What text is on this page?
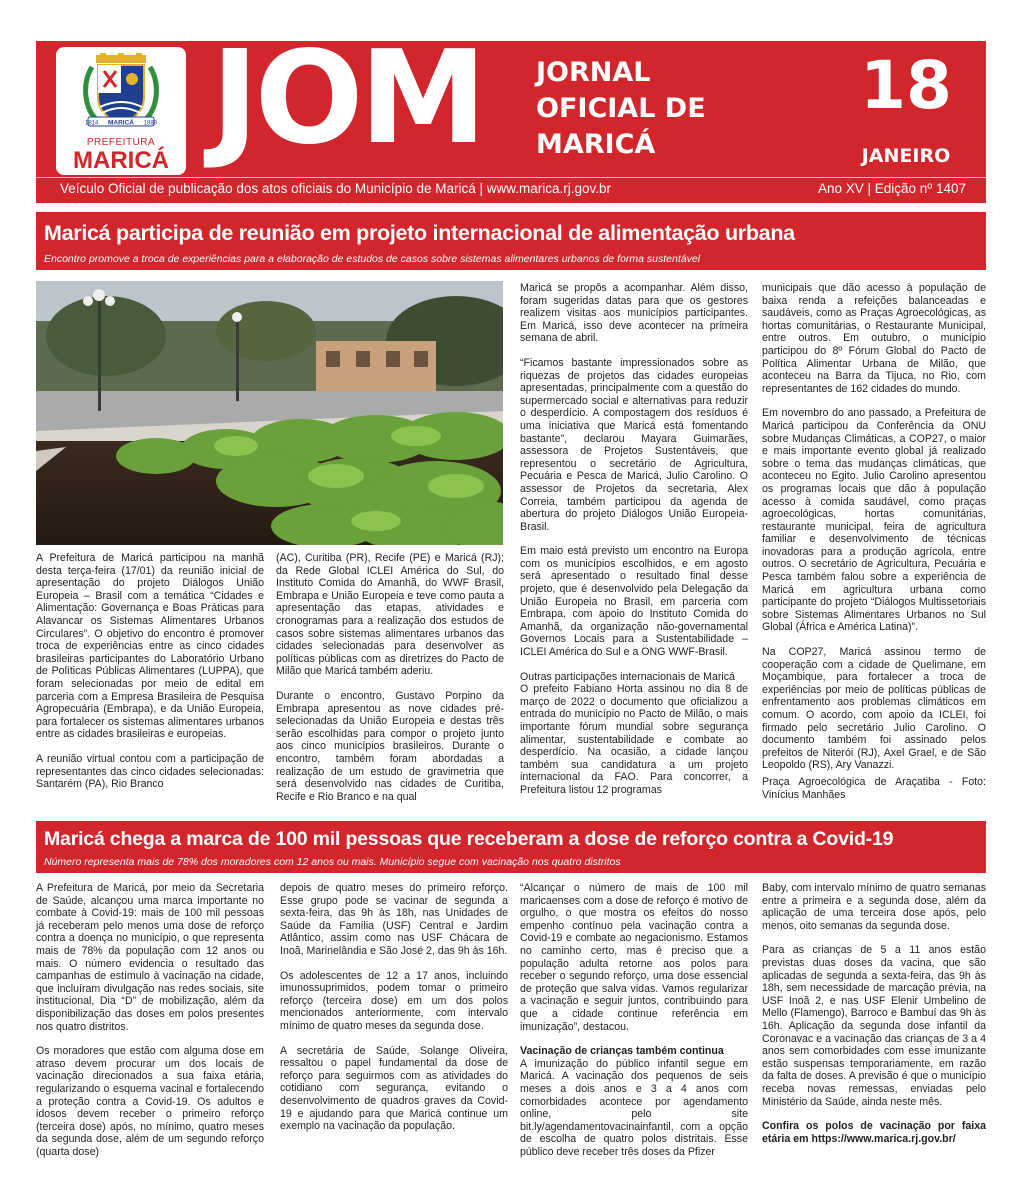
1814 MARICÁ 1889
PREFEITURA
MARICÁ JOM JORNAL
OFICIAL DE
MARICÁ
18
JANEIRO
Veículo Oficial de publicação dos atos oficiais do Município de Maricá | www.marica.rj.gov.br	Ano XV | Edição nº 1407
Maricá participa de reunião em projeto internacional de alimentação urbana
Encontro promove a troca de experiências para a elaboração de estudos de casos sobre sistemas alimentares urbanos de forma sustentável

A Prefeitura de Maricá participou na manhã desta terça-feira (17/01) da reunião inicial de apresentação do projeto Diálogos União Europeia – Brasil com a temática “Cidades e Alimentação: Governança e Boas Práticas para Alavancar os Sistemas Alimentares Urbanos Circulares”. O objetivo do encontro é promover troca de experiências entre as cinco cidades brasileiras participantes do Laboratório Urbano de Políticas Públicas Alimentares (LUPPA), que foram selecionadas por meio de edital em parceria com a Empresa Brasileira de Pesquisa Agropecuária (Embrapa), e da União Europeia, para fortalecer os sistemas alimentares urbanos entre as cidades brasileiras e europeias.

A reunião virtual contou com a participação de representantes das cinco cidades selecionadas: Santarém (PA), Rio Branco

(AC), Curitiba (PR), Recife (PE) e Maricá (RJ); da Rede Global ICLEI América do Sul, do Instituto Comida do Amanhã, do WWF Brasil, Embrapa e União Europeia e teve como pauta a apresentação das etapas, atividades e cronogramas para a realização dos estudos de casos sobre sistemas alimentares urbanos das cidades selecionadas para desenvolver as políticas públicas com as diretrizes do Pacto de Milão que Maricá também aderiu.

Durante o encontro, Gustavo Porpino da Embrapa apresentou as nove cidades pré-selecionadas da União Europeia e destas três serão escolhidas para compor o projeto junto aos cinco municípios brasileiros. Durante o encontro, também foram abordadas a realização de um estudo de gravimetria que será desenvolvido nas cidades de Curitiba, Recife e Rio Branco e na qual

Maricá se propôs a acompanhar. Além disso, foram sugeridas datas para que os gestores realizem visitas aos municípios participantes. Em Maricá, isso deve acontecer na primeira semana de abril.

“Ficamos bastante impressionados sobre as riquezas de projetos das cidades europeias apresentadas, principalmente com a questão do supermercado social e alternativas para reduzir o desperdício. A compostagem dos resíduos é uma iniciativa que Maricá está fomentando bastante”, declarou Mayara Guimarães, assessora de Projetos Sustentáveis, que representou o secretário de Agricultura, Pecuária e Pesca de Maricá, Julio Carolino. O assessor de Projetos da secretaria, Alex Correia, também participou da agenda de abertura do projeto Diálogos União Europeia- Brasil.

Em maio está previsto um encontro na Europa com os municípios escolhidos, e em agosto será apresentado o resultado final desse projeto, que é desenvolvido pela Delegação da União Europeia no Brasil, em parceria com Embrapa, com apoio do Instituto Comida do Amanhã, da organização não-governamental Governos Locais para a Sustentabilidade – ICLEI América do Sul e a ONG WWF-Brasil.

Outras participações internacionais de Maricá

O prefeito Fabiano Horta assinou no dia 8 de março de 2022 o documento que oficializou a entrada do município no Pacto de Milão, o mais importante fórum mundial sobre segurança alimentar, sustentabilidade e combate ao desperdício. Na ocasião, a cidade lançou também sua candidatura a um projeto internacional da FAO. Para concorrer, a Prefeitura listou 12 programas

municipais que dão acesso à população de baixa renda a refeições balanceadas e saudáveis, como as Praças Agroecológicas, as hortas comunitárias, o Restaurante Municipal, entre outros. Em outubro, o município participou do 8º Fórum Global do Pacto de Política Alimentar Urbana de Milão, que aconteceu na Barra da Tijuca, no Rio, com representantes de 162 cidades do mundo.

Em novembro do ano passado, a Prefeitura de Maricá participou da Conferência da ONU sobre Mudanças Climáticas, a COP27, o maior e mais importante evento global já realizado sobre o tema das mudanças climáticas, que aconteceu no Egito. Julio Carolino apresentou os programas locais que dão à população acesso à comida saudável, como praças agroecológicas, hortas comunitárias, restaurante municipal, feira de agricultura familiar e desenvolvimento de técnicas inovadoras para a produção agrícola, entre outros. O secretário de Agricultura, Pecuária e Pesca também falou sobre a experiência de Maricá em agricultura urbana como participante do projeto “Diálogos Multissetoriais sobre Sistemas Alimentares Urbanos no Sul Global (África e América Latina)”.

Na COP27, Maricá assinou termo de cooperação com a cidade de Quelimane, em Moçambique, para fortalecer a troca de experiências por meio de políticas públicas de enfrentamento aos problemas climáticos em comum. O acordo, com apoio da ICLEI, foi firmado pelo secretário Julio Carolino. O documento também foi assinado pelos prefeitos de Niterói (RJ), Axel Grael, e de São Leopoldo (RS), Ary Vanazzi.

Praça Agroecológica de Araçatiba - Foto: Vinícius Manhães

Maricá chega a marca de 100 mil pessoas que receberam a dose de reforço contra a Covid-19
Número representa mais de 78% dos moradores com 12 anos ou mais. Município segue com vacinação nos quatro distritos

A Prefeitura de Maricá, por meio da Secretaria de Saúde, alcançou uma marca importante no combate à Covid-19: mais de 100 mil pessoas já receberam pelo menos uma dose de reforço contra a doença no município, o que representa mais de 78% da população com 12 anos ou mais. O número evidencia o resultado das campanhas de estímulo à vacinação na cidade, que incluíram divulgação nas redes sociais, site institucional, Dia “D” de mobilização, além da disponibilização das doses em polos presentes nos quatro distritos.

Os moradores que estão com alguma dose em atraso devem procurar um dos locais de vacinação direcionados a sua faixa etária, regularizando o esquema vacinal e fortalecendo a proteção contra a Covid-19. Os adultos e idosos devem receber o primeiro reforço (terceira dose) após, no mínimo, quatro meses da segunda dose, além de um segundo reforço (quarta dose)

depois de quatro meses do primeiro reforço. Esse grupo pode se vacinar de segunda a sexta-feira, das 9h às 18h, nas Unidades de Saúde da Família (USF) Central e Jardim Atlântico, assim como nas USF Chácara de Inoã, Marinelândia e São José 2, das 9h às 16h.

Os adolescentes de 12 a 17 anos, incluindo imunossuprimidos, podem tomar o primeiro reforço (terceira dose) em um dos polos mencionados anteriormente, com intervalo mínimo de quatro meses da segunda dose.

A secretária de Saúde, Solange Oliveira, ressaltou o papel fundamental da dose de reforço para seguirmos com as atividades do cotidiano com segurança, evitando o desenvolvimento de quadros graves da Covid-19 e ajudando para que Maricá continue um exemplo na vacinação da população.

“Alcançar o número de mais de 100 mil maricaenses com a dose de reforço é motivo de orgulho, o que mostra os efeitos do nosso empenho contínuo pela vacinação contra a Covid-19 e combate ao negacionismo. Estamos no caminho certo, mas é preciso que a população adulta retorne aos polos para receber o segundo reforço, uma dose essencial de proteção que salva vidas. Vamos regularizar a vacinação e seguir juntos, contribuindo para que a cidade continue referência em imunização”, destacou.

Vacinação de crianças também continua

A imunização do público infantil segue em Maricá. A vacinação dos pequenos de seis meses a dois anos e 3 a 4 anos com comorbidades acontece por agendamento online, pelo site bit.ly/agendamentovacinainfantil, com a opção de escolha de quatro polos distritais. Esse público deve receber três doses da Pfizer

Baby, com intervalo mínimo de quatro semanas entre a primeira e a segunda dose, além da aplicação de uma terceira dose após, pelo menos, oito semanas da segunda dose.

Para as crianças de 5 a 11 anos estão previstas duas doses da vacina, que são aplicadas de segunda a sexta-feira, das 9h às 18h, sem necessidade de marcação prévia, na USF Inoã 2, e nas USF Elenir Umbelino de Mello (Flamengo), Barroco e Bambuí das 9h às 16h. Aplicação da segunda dose infantil da Coronavac e a vacinação das crianças de 3 a 4 anos sem comorbidades com esse imunizante estão suspensas temporariamente, em razão da falta de doses. A previsão é que o município receba novas remessas, enviadas pelo Ministério da Saúde, ainda neste mês.

Confira os polos de vacinação por faixa etária em https://www.marica.rj.gov.br/
